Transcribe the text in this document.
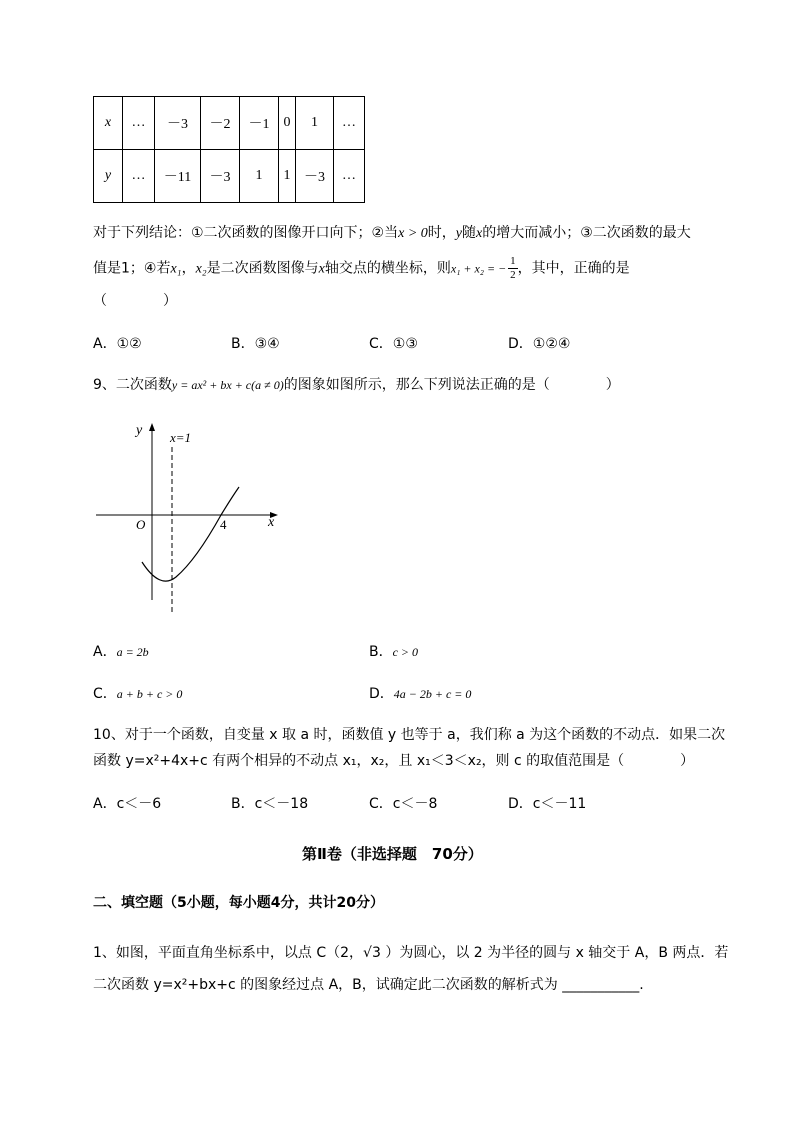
x	…	－3	－2	－1	0	1	…
y	…	－11	－3	1	1	－3	…
对于下列结论：①二次函数的图像开口向下；②当x > 0时，y随x的增大而减小；③二次函数的最大
值是1；④若x₁，x₂是二次函数图像与x轴交点的横坐标，则x₁ + x₂ = − $\frac{1}{2}$ ，其中，正确的是
（　　　　）
A．①②	B．③④	C．①③	D．①②④
9、二次函数y = ax² + bx + c(a ≠ 0)的图象如图所示，那么下列说法正确的是（　　　　）
y
x
O
x=1
4
A．a = 2b	B．c > 0
C．a + b + c > 0	D．4a − 2b + c = 0
10、对于一个函数，自变量 x 取 a 时，函数值 y 也等于 a，我们称 a 为这个函数的不动点．如果二次
函数 y=x²+4x+c 有两个相异的不动点 x₁，x₂，且 x₁＜3＜x₂，则 c 的取值范围是（　　　　）
A．c＜－6	B．c＜－18	C．c＜－8	D．c＜－11
第Ⅱ卷（非选择题　70分）
二、填空题（5小题，每小题4分，共计20分）
1、如图，平面直角坐标系中，以点 C（2，√3 ）为圆心，以 2 为半径的圆与 x 轴交于 A，B 两点．若
二次函数 y=x²+bx+c 的图象经过点 A，B，试确定此二次函数的解析式为 ___________.
